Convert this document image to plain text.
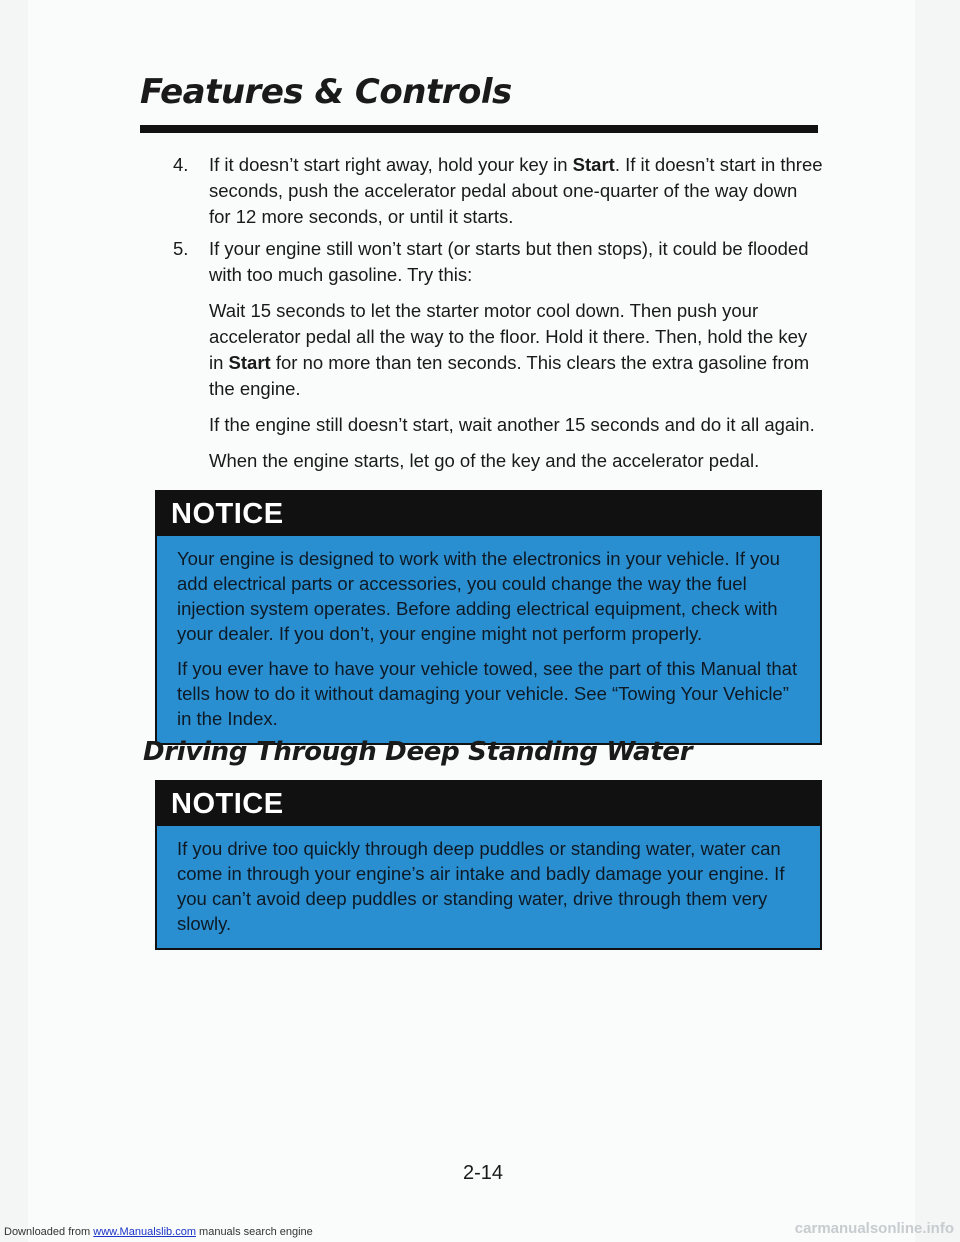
Features & Controls
4.	If it doesn’t start right away, hold your key in Start. If it doesn’t start in three seconds, push the accelerator pedal about one-quarter of the way down for 12 more seconds, or until it starts.
5.	If your engine still won’t start (or starts but then stops), it could be flooded with too much gasoline. Try this:

Wait 15 seconds to let the starter motor cool down. Then push your accelerator pedal all the way to the floor. Hold it there. Then, hold the key in Start for no more than ten seconds. This clears the extra gasoline from the engine.

If the engine still doesn’t start, wait another 15 seconds and do it all again.

When the engine starts, let go of the key and the accelerator pedal.

NOTICE

Your engine is designed to work with the electronics in your vehicle. If you add electrical parts or accessories, you could change the way the fuel injection system operates. Before adding electrical equipment, check with your dealer. If you don’t, your engine might not perform properly.

If you ever have to have your vehicle towed, see the part of this Manual that tells how to do it without damaging your vehicle. See “Towing Your Vehicle” in the Index.

Driving Through Deep Standing Water
NOTICE

If you drive too quickly through deep puddles or standing water, water can come in through your engine’s air intake and badly damage your engine. If you can’t avoid deep puddles or standing water, drive through them very slowly.

2-14
Downloaded from www.Manualslib.com manuals search engine	carmanualsonline.info
